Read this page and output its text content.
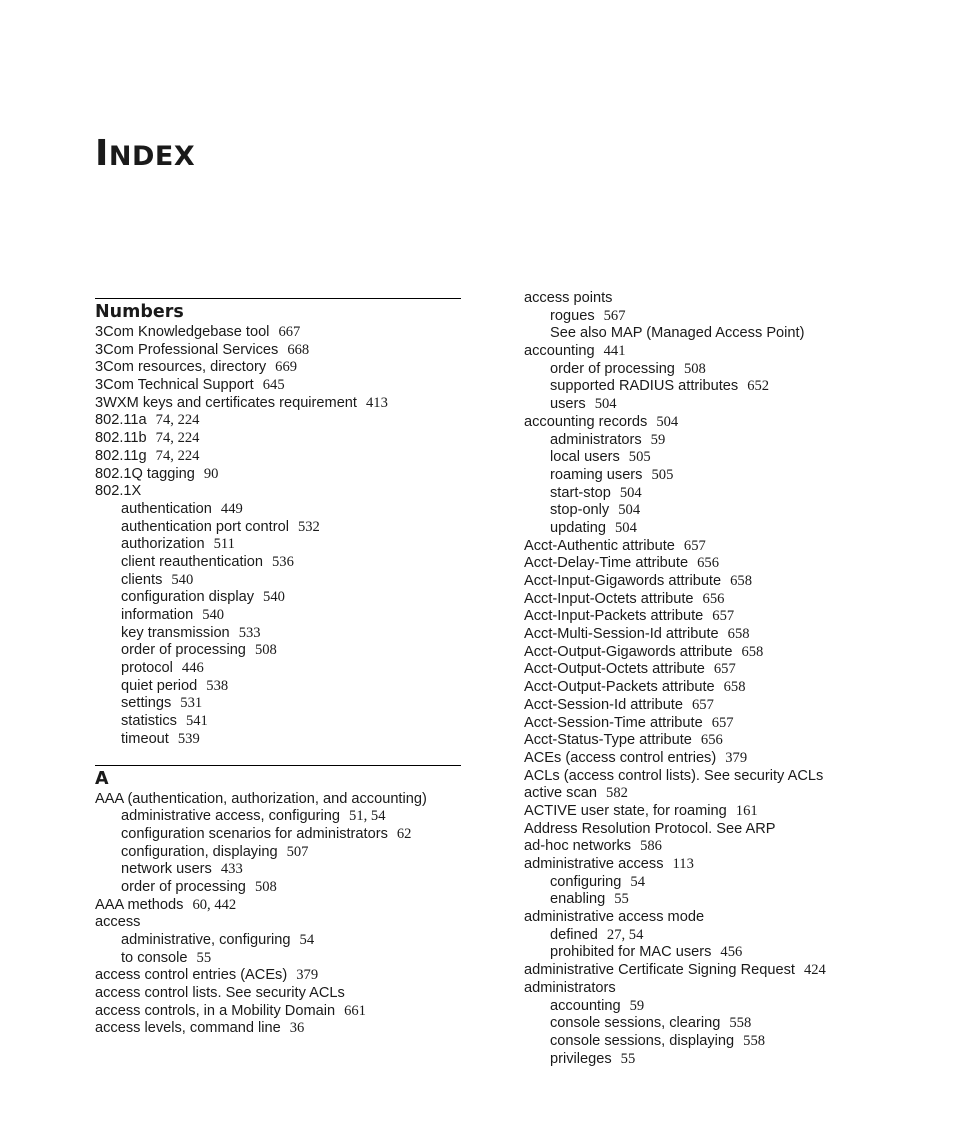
INDEX
Numbers
3Com Knowledgebase tool 667
3Com Professional Services 668
3Com resources, directory 669
3Com Technical Support 645
3WXM keys and certificates requirement 413
802.11a 74, 224
802.11b 74, 224
802.11g 74, 224
802.1Q tagging 90
802.1X
authentication 449
authentication port control 532
authorization 511
client reauthentication 536
clients 540
configuration display 540
information 540
key transmission 533
order of processing 508
protocol 446
quiet period 538
settings 531
statistics 541
timeout 539
A
AAA (authentication, authorization, and accounting)
administrative access, configuring 51, 54
configuration scenarios for administrators 62
configuration, displaying 507
network users 433
order of processing 508
AAA methods 60, 442
access
administrative, configuring 54
to console 55
access control entries (ACEs) 379
access control lists. See security ACLs
access controls, in a Mobility Domain 661
access levels, command line 36
access points
rogues 567
See also MAP (Managed Access Point)
accounting 441
order of processing 508
supported RADIUS attributes 652
users 504
accounting records 504
administrators 59
local users 505
roaming users 505
start-stop 504
stop-only 504
updating 504
Acct-Authentic attribute 657
Acct-Delay-Time attribute 656
Acct-Input-Gigawords attribute 658
Acct-Input-Octets attribute 656
Acct-Input-Packets attribute 657
Acct-Multi-Session-Id attribute 658
Acct-Output-Gigawords attribute 658
Acct-Output-Octets attribute 657
Acct-Output-Packets attribute 658
Acct-Session-Id attribute 657
Acct-Session-Time attribute 657
Acct-Status-Type attribute 656
ACEs (access control entries) 379
ACLs (access control lists). See security ACLs
active scan 582
ACTIVE user state, for roaming 161
Address Resolution Protocol. See ARP
ad-hoc networks 586
administrative access 113
configuring 54
enabling 55
administrative access mode
defined 27, 54
prohibited for MAC users 456
administrative Certificate Signing Request 424
administrators
accounting 59
console sessions, clearing 558
console sessions, displaying 558
privileges 55
